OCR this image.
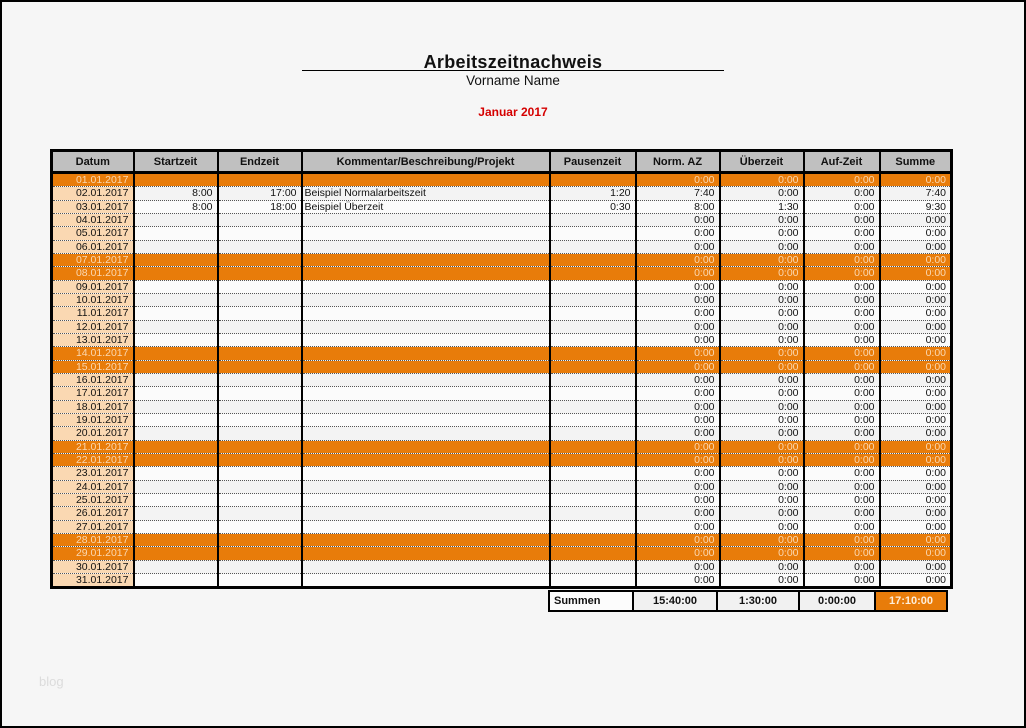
Arbeitszeitnachweis
Vorname Name
Januar 2017
Datum	Startzeit	Endzeit	Kommentar/Beschreibung/Projekt	Pausenzeit	Norm. AZ	Überzeit	Auf-Zeit	Summe
01.01.2017					0:00	0:00	0:00	0:00
02.01.2017	8:00	17:00	Beispiel Normalarbeitszeit	1:20	7:40	0:00	0:00	7:40
03.01.2017	8:00	18:00	Beispiel Überzeit	0:30	8:00	1:30	0:00	9:30
04.01.2017					0:00	0:00	0:00	0:00
05.01.2017					0:00	0:00	0:00	0:00
06.01.2017					0:00	0:00	0:00	0:00
07.01.2017					0:00	0:00	0:00	0:00
08.01.2017					0:00	0:00	0:00	0:00
09.01.2017					0:00	0:00	0:00	0:00
10.01.2017					0:00	0:00	0:00	0:00
11.01.2017					0:00	0:00	0:00	0:00
12.01.2017					0:00	0:00	0:00	0:00
13.01.2017					0:00	0:00	0:00	0:00
14.01.2017					0:00	0:00	0:00	0:00
15.01.2017					0:00	0:00	0:00	0:00
16.01.2017					0:00	0:00	0:00	0:00
17.01.2017					0:00	0:00	0:00	0:00
18.01.2017					0:00	0:00	0:00	0:00
19.01.2017					0:00	0:00	0:00	0:00
20.01.2017					0:00	0:00	0:00	0:00
21.01.2017					0:00	0:00	0:00	0:00
22.01.2017					0:00	0:00	0:00	0:00
23.01.2017					0:00	0:00	0:00	0:00
24.01.2017					0:00	0:00	0:00	0:00
25.01.2017					0:00	0:00	0:00	0:00
26.01.2017					0:00	0:00	0:00	0:00
27.01.2017					0:00	0:00	0:00	0:00
28.01.2017					0:00	0:00	0:00	0:00
29.01.2017					0:00	0:00	0:00	0:00
30.01.2017					0:00	0:00	0:00	0:00
31.01.2017					0:00	0:00	0:00	0:00
Summen	15:40:00	1:30:00	0:00:00	17:10:00
blog
